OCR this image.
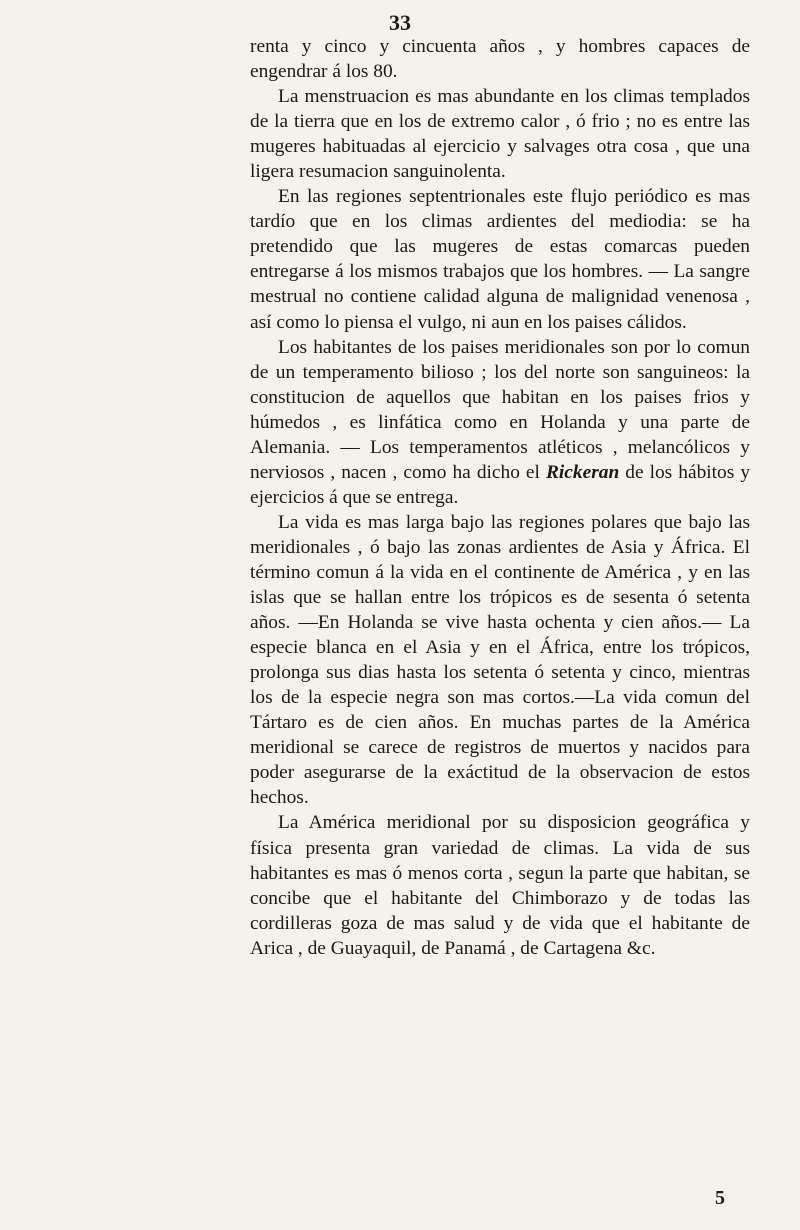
33

renta y cinco y cincuenta años , y hombres capaces de engendrar á los 80.

La menstruacion es mas abundante en los climas templados de la tierra que en los de extremo calor , ó frio ; no es entre las mugeres habituadas al ejercicio y salvages otra cosa , que una ligera resumacion sanguinolenta.

En las regiones septentrionales este flujo periódico es mas tardío que en los climas ardientes del mediodia: se ha pretendido que las mugeres de estas comarcas pueden entregarse á los mismos trabajos que los hombres. — La sangre mestrual no contiene calidad alguna de malignidad venenosa , así como lo piensa el vulgo, ni aun en los paises cálidos.

Los habitantes de los paises meridionales son por lo comun de un temperamento bilioso ; los del norte son sanguineos: la constitucion de aquellos que habitan en los paises frios y húmedos , es linfática como en Holanda y una parte de Alemania. — Los temperamentos atléticos , melancólicos y nerviosos , nacen , como ha dicho el Rickeran de los hábitos y ejercicios á que se entrega.

La vida es mas larga bajo las regiones polares que bajo las meridionales , ó bajo las zonas ardientes de Asia y África. El término comun á la vida en el continente de América , y en las islas que se hallan entre los trópicos es de sesenta ó setenta años. —En Holanda se vive hasta ochenta y cien años.— La especie blanca en el Asia y en el África, entre los trópicos, prolonga sus dias hasta los setenta ó setenta y cinco, mientras los de la especie negra son mas cortos.—La vida comun del Tártaro es de cien años. En muchas partes de la América meridional se carece de registros de muertos y nacidos para poder asegurarse de la exáctitud de la observacion de estos hechos.

La América meridional por su disposicion geográfica y física presenta gran variedad de climas. La vida de sus habitantes es mas ó menos corta , segun la parte que habitan, se concibe que el habitante del Chimborazo y de todas las cordilleras goza de mas salud y de vida que el habitante de Arica , de Guayaquil, de Panamá , de Cartagena &c.

5
